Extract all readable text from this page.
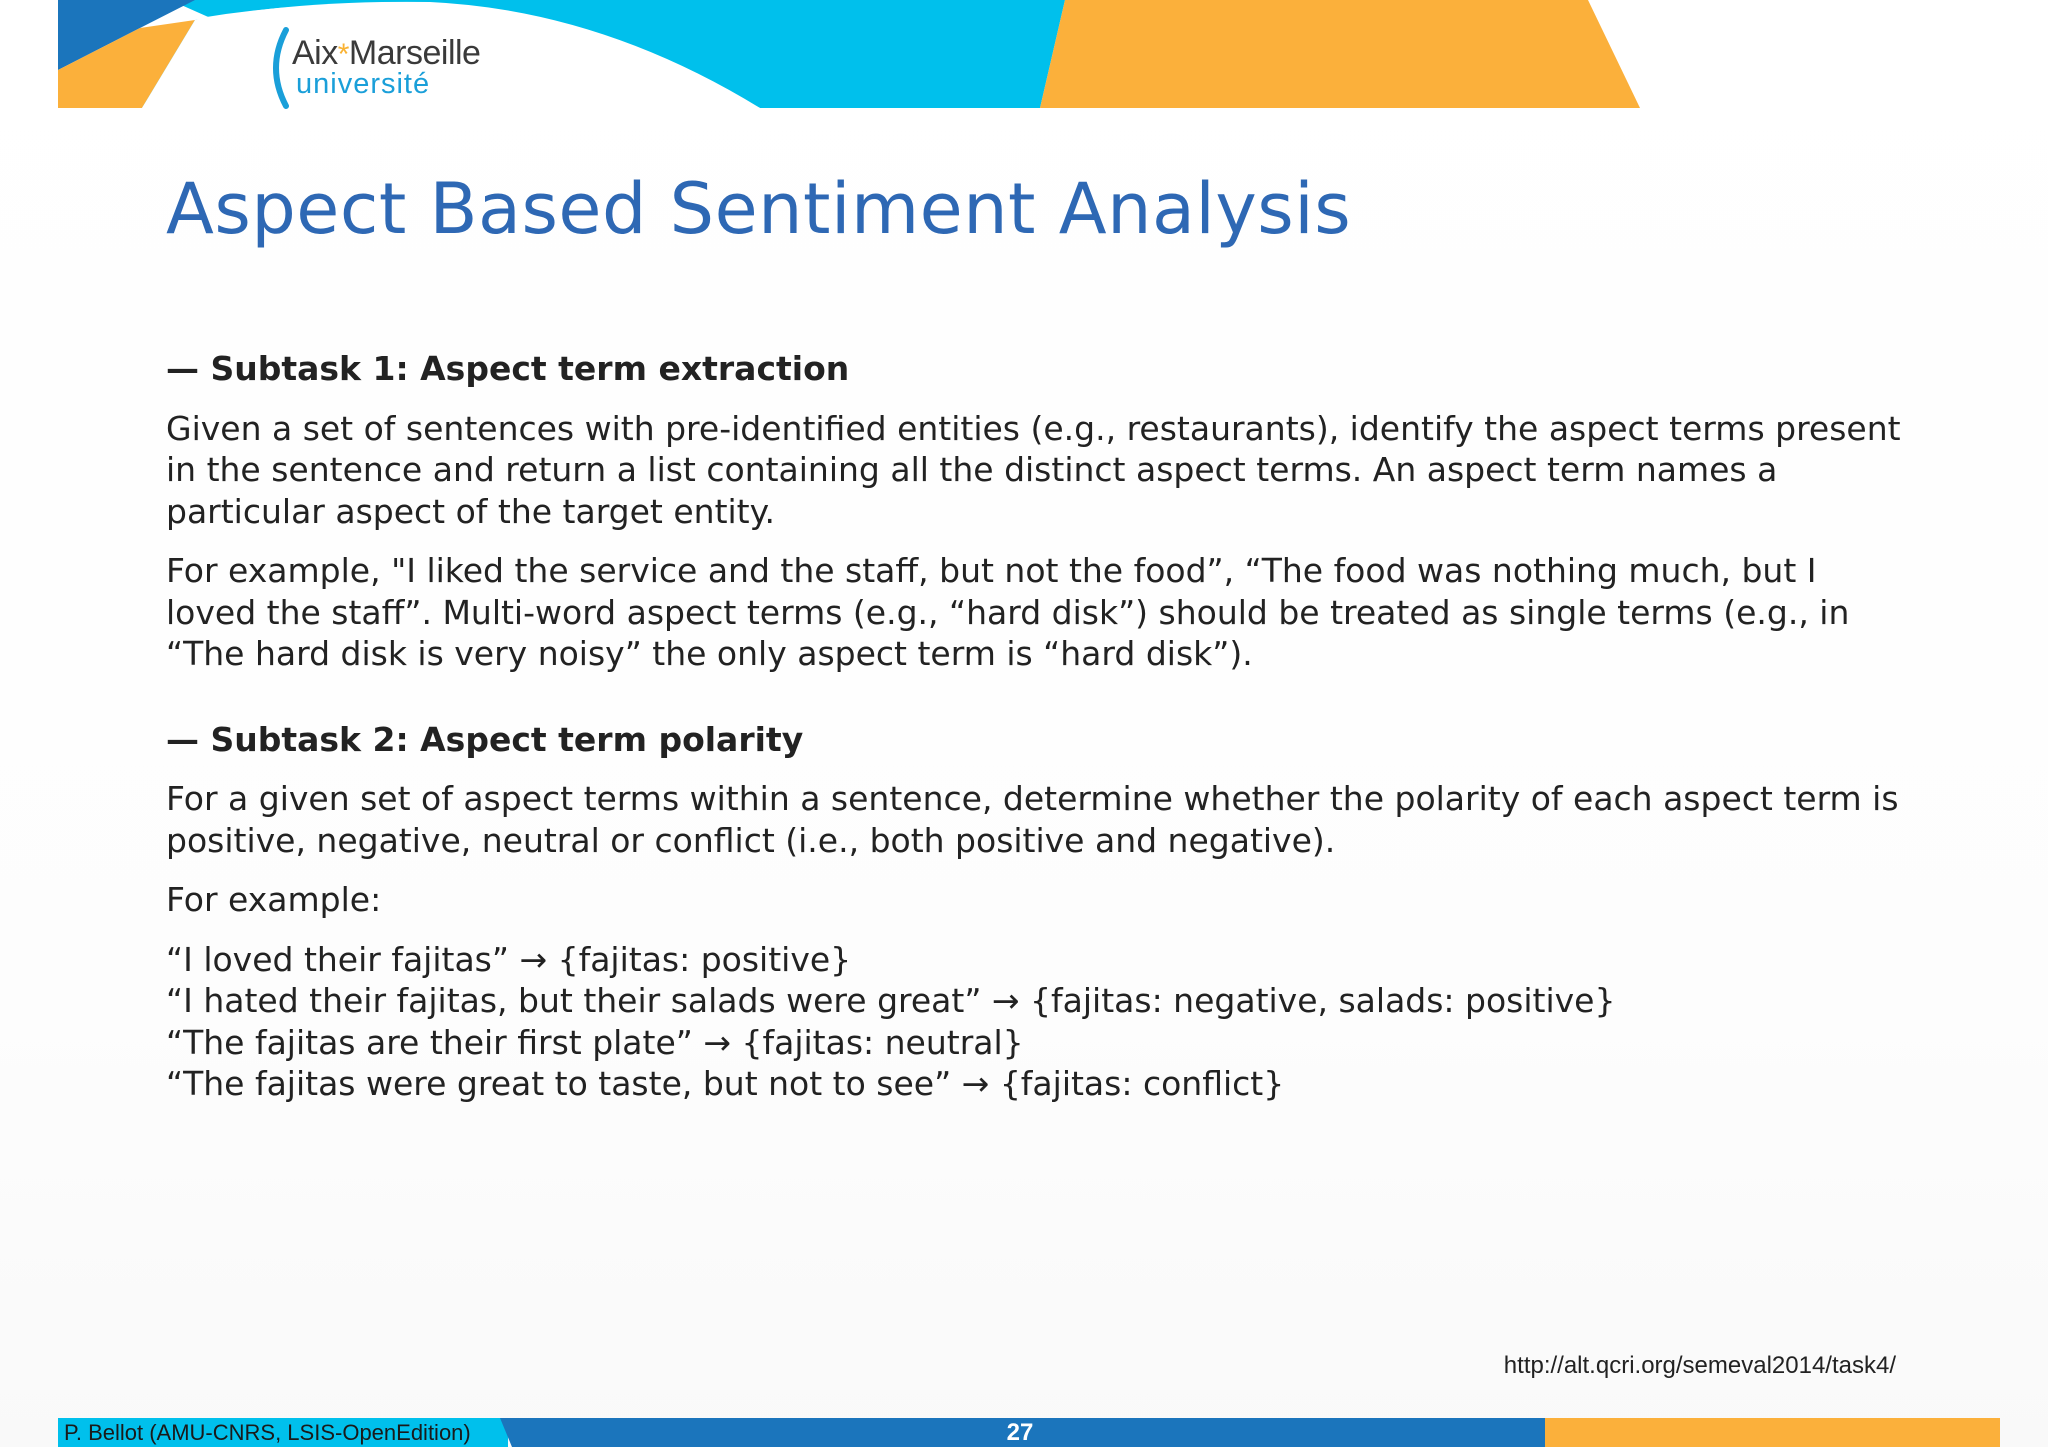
Aix*Marseille
université
Aspect Based Sentiment Analysis
— Subtask 1: Aspect term extraction
Given a set of sentences with pre-identified entities (e.g., restaurants), identify the aspect terms present in the sentence and return a list containing all the distinct aspect terms. An aspect term names a particular aspect of the target entity.
For example, "I liked the service and the staff, but not the food”, “The food was nothing much, but I loved the staff”. Multi-word aspect terms (e.g., “hard disk”) should be treated as single terms (e.g., in “The hard disk is very noisy” the only aspect term is “hard disk”).
— Subtask 2: Aspect term polarity
For a given set of aspect terms within a sentence, determine whether the polarity of each aspect term is positive, negative, neutral or conflict (i.e., both positive and negative).
For example:
“I loved their fajitas” → {fajitas: positive}
“I hated their fajitas, but their salads were great” → {fajitas: negative, salads: positive}
“The fajitas are their first plate” → {fajitas: neutral}
“The fajitas were great to taste, but not to see” → {fajitas: conflict}
http://alt.qcri.org/semeval2014/task4/
P. Bellot (AMU-CNRS, LSIS-OpenEdition)	27
